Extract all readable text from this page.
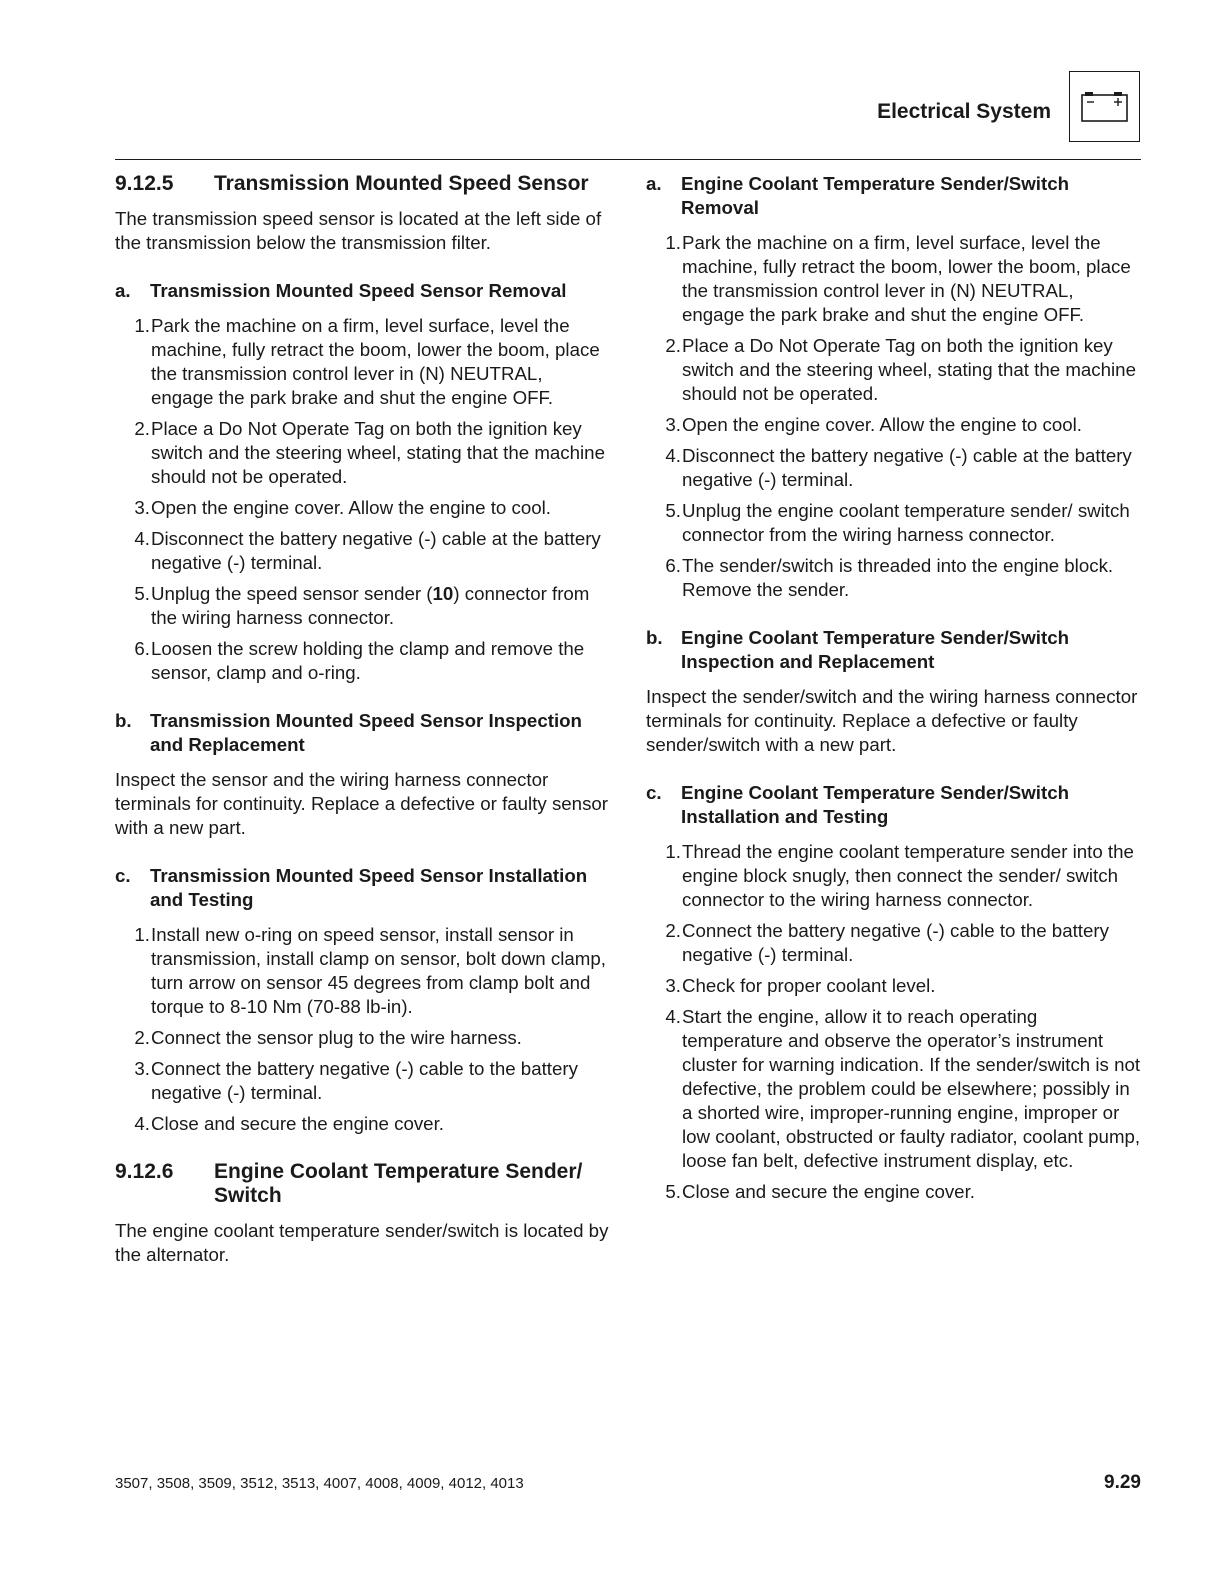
Electrical System
9.12.5	Transmission Mounted Speed Sensor

The transmission speed sensor is located at the left side of the transmission below the transmission filter.

a.	Transmission Mounted Speed Sensor Removal
1. Park the machine on a firm, level surface, level the machine, fully retract the boom, lower the boom, place the transmission control lever in (N) NEUTRAL, engage the park brake and shut the engine OFF.
2. Place a Do Not Operate Tag on both the ignition key switch and the steering wheel, stating that the machine should not be operated.
3. Open the engine cover. Allow the engine to cool.
4. Disconnect the battery negative (-) cable at the battery negative (-) terminal.
5. Unplug the speed sensor sender (10) connector from the wiring harness connector.
6. Loosen the screw holding the clamp and remove the sensor, clamp and o-ring.
b. Transmission Mounted Speed Sensor Inspection and Replacement

Inspect the sensor and the wiring harness connector terminals for continuity. Replace a defective or faulty sensor with a new part.

c.	Transmission Mounted Speed Sensor Installation and Testing
1. Install new o-ring on speed sensor, install sensor in transmission, install clamp on sensor, bolt down clamp, turn arrow on sensor 45 degrees from clamp bolt and torque to 8-10 Nm (70-88 lb-in).
2. Connect the sensor plug to the wire harness.
3. Connect the battery negative (-) cable to the battery negative (-) terminal.
4. Close and secure the engine cover.
9.12.6	Engine Coolant Temperature Sender/ Switch

The engine coolant temperature sender/switch is located by the alternator.

a.	Engine Coolant Temperature Sender/Switch Removal
1. Park the machine on a firm, level surface, level the machine, fully retract the boom, lower the boom, place the transmission control lever in (N) NEUTRAL, engage the park brake and shut the engine OFF.
2. Place a Do Not Operate Tag on both the ignition key switch and the steering wheel, stating that the machine should not be operated.
3. Open the engine cover. Allow the engine to cool.
4. Disconnect the battery negative (-) cable at the battery negative (-) terminal.
5. Unplug the engine coolant temperature sender/ switch connector from the wiring harness connector.
6. The sender/switch is threaded into the engine block. Remove the sender.
b. Engine Coolant Temperature Sender/Switch Inspection and Replacement

Inspect the sender/switch and the wiring harness connector terminals for continuity. Replace a defective or faulty sender/switch with a new part.

c.	Engine Coolant Temperature Sender/Switch Installation and Testing
1. Thread the engine coolant temperature sender into the engine block snugly, then connect the sender/ switch connector to the wiring harness connector.
2. Connect the battery negative (-) cable to the battery negative (-) terminal.
3. Check for proper coolant level.
4. Start the engine, allow it to reach operating temperature and observe the operator’s instrument cluster for warning indication. If the sender/switch is not defective, the problem could be elsewhere; possibly in a shorted wire, improper-running engine, improper or low coolant, obstructed or faulty radiator, coolant pump, loose fan belt, defective instrument display, etc.
5. Close and secure the engine cover.
3507, 3508, 3509, 3512, 3513, 4007, 4008, 4009, 4012, 4013	9.29
